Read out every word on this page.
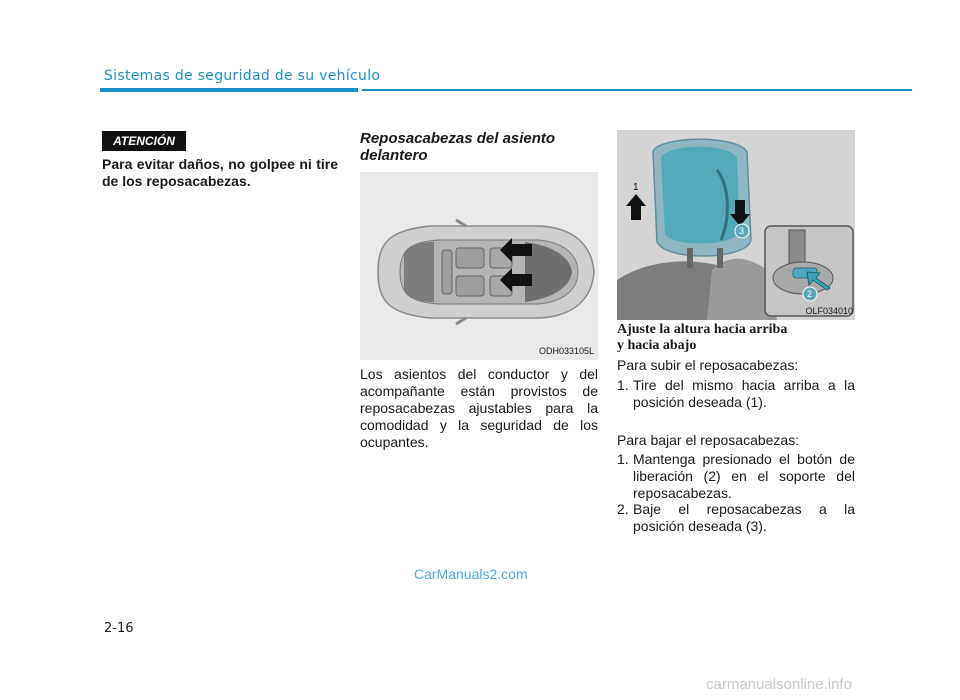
Sistemas de seguridad de su vehículo
ATENCIÓN
Para evitar daños, no golpee ni tire de los reposacabezas.
Reposacabezas del asiento delantero
ODH033105L
Los asientos del conductor y del acompañante están provistos de reposacabezas ajustables para la comodidad y la seguridad de los ocupantes.
1
3
2
OLF034010
Ajuste la altura hacia arriba
y hacia abajo
Para subir el reposacabezas:
1. Tire del mismo hacia arriba a la posición deseada (1).
Para bajar el reposacabezas:
1. Mantenga presionado el botón de liberación (2) en el soporte del reposacabezas.
2. Baje el reposacabezas a la posición deseada (3).
CarManuals2.com
2-16
carmanualsonline.info
